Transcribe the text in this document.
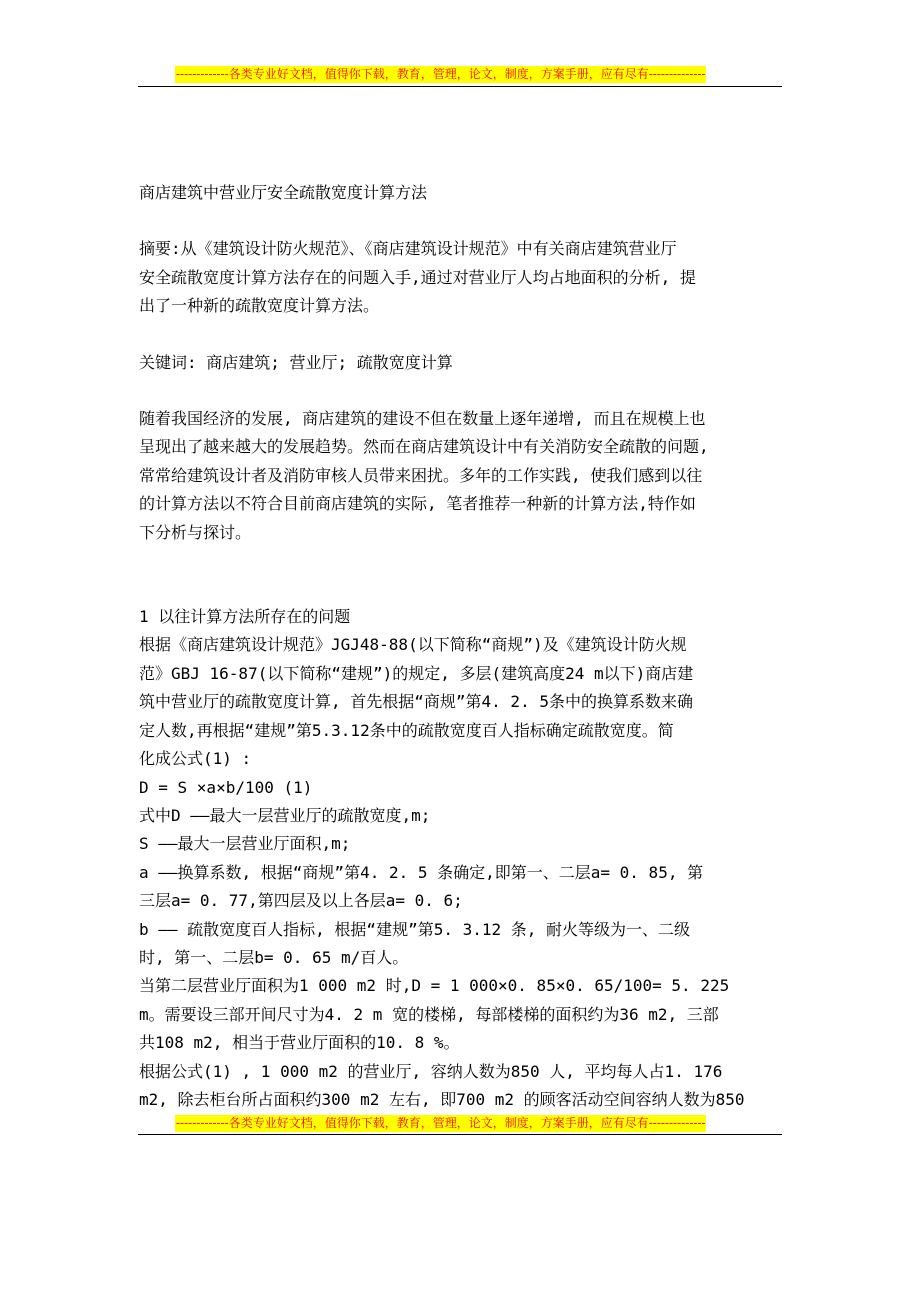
-------------各类专业好文档，值得你下载，教育，管理，论文，制度，方案手册，应有尽有--------------

商店建筑中营业厅安全疏散宽度计算方法

摘要:从《建筑设计防火规范》、《商店建筑设计规范》中有关商店建筑营业厅

安全疏散宽度计算方法存在的问题入手,通过对营业厅人均占地面积的分析, 提

出了一种新的疏散宽度计算方法。

关键词: 商店建筑; 营业厅; 疏散宽度计算

随着我国经济的发展, 商店建筑的建设不但在数量上逐年递增, 而且在规模上也

呈现出了越来越大的发展趋势。然而在商店建筑设计中有关消防安全疏散的问题,

常常给建筑设计者及消防审核人员带来困扰。多年的工作实践, 使我们感到以往

的计算方法以不符合目前商店建筑的实际, 笔者推荐一种新的计算方法,特作如

下分析与探讨。

1 以往计算方法所存在的问题

根据《商店建筑设计规范》JGJ48-88(以下简称“商规”)及《建筑设计防火规

范》GBJ 16-87(以下简称“建规”)的规定, 多层(建筑高度24 m以下)商店建

筑中营业厅的疏散宽度计算, 首先根据“商规”第4. 2. 5条中的换算系数来确

定人数,再根据“建规”第5.3.12条中的疏散宽度百人指标确定疏散宽度。简

化成公式(1) :

D = S ×a×b/100 (1)

式中D ——最大一层营业厅的疏散宽度,m;

S ——最大一层营业厅面积,m;

a ——换算系数, 根据“商规”第4. 2. 5 条确定,即第一、二层a= 0. 85, 第

三层a= 0. 77,第四层及以上各层a= 0. 6;

b —— 疏散宽度百人指标, 根据“建规”第5. 3.12 条, 耐火等级为一、二级

时, 第一、二层b= 0. 65 m/百人。

当第二层营业厅面积为1 000 m2 时,D = 1 000×0. 85×0. 65/100= 5. 225

m。需要设三部开间尺寸为4. 2 m 宽的楼梯, 每部楼梯的面积约为36 m2, 三部

共108 m2, 相当于营业厅面积的10. 8 %。

根据公式(1) , 1 000 m2 的营业厅, 容纳人数为850 人, 平均每人占1. 176

m2, 除去柜台所占面积约300 m2 左右, 即700 m2 的顾客活动空间容纳人数为850

-------------各类专业好文档，值得你下载，教育，管理，论文，制度，方案手册，应有尽有--------------
